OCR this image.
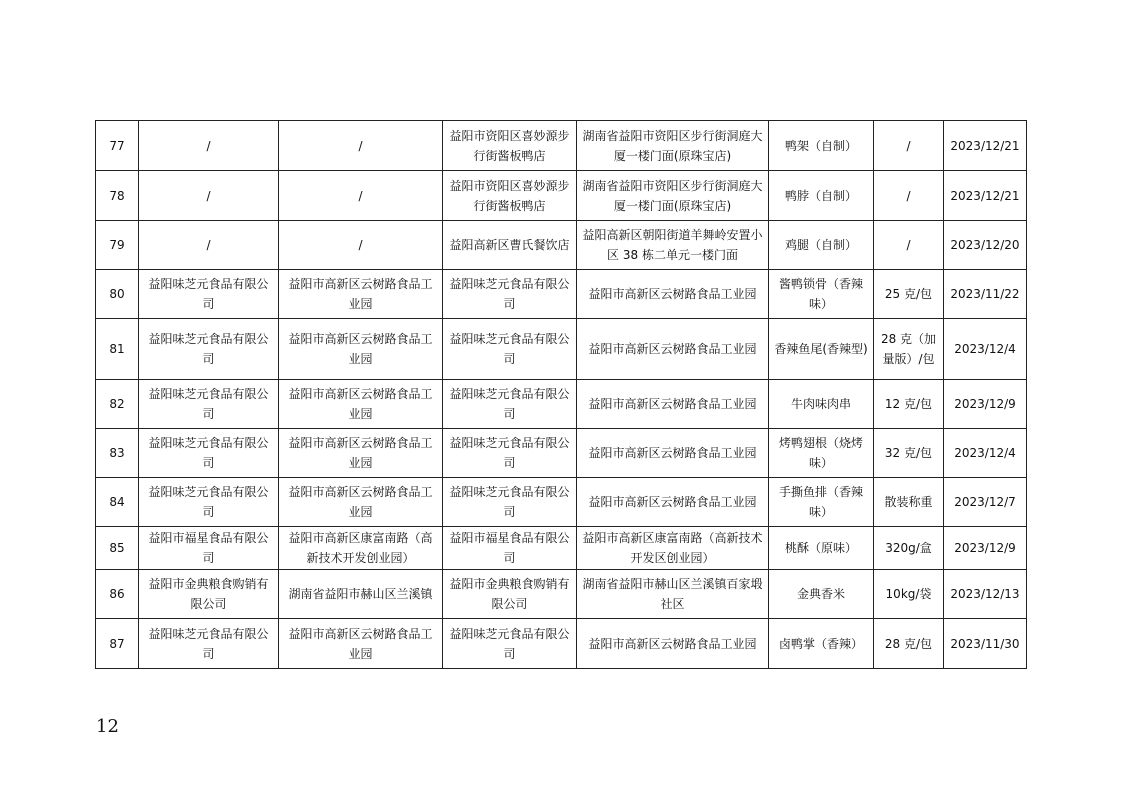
77	/	/	益阳市资阳区喜妙源步行街酱板鸭店	湖南省益阳市资阳区步行街洞庭大厦一楼门面(原珠宝店)	鸭架（自制）	/	2023/12/21
78	/	/	益阳市资阳区喜妙源步行街酱板鸭店	湖南省益阳市资阳区步行街洞庭大厦一楼门面(原珠宝店)	鸭脖（自制）	/	2023/12/21
79	/	/	益阳高新区曹氏餐饮店	益阳高新区朝阳街道羊舞岭安置小区 38 栋二单元一楼门面	鸡腿（自制）	/	2023/12/20
80	益阳味芝元食品有限公司	益阳市高新区云树路食品工业园	益阳味芝元食品有限公司	益阳市高新区云树路食品工业园	酱鸭锁骨（香辣味）	25 克/包	2023/11/22
81	益阳味芝元食品有限公司	益阳市高新区云树路食品工业园	益阳味芝元食品有限公司	益阳市高新区云树路食品工业园	香辣鱼尾(香辣型)	28 克（加量版）/包	2023/12/4
82	益阳味芝元食品有限公司	益阳市高新区云树路食品工业园	益阳味芝元食品有限公司	益阳市高新区云树路食品工业园	牛肉味肉串	12 克/包	2023/12/9
83	益阳味芝元食品有限公司	益阳市高新区云树路食品工业园	益阳味芝元食品有限公司	益阳市高新区云树路食品工业园	烤鸭翅根（烧烤味）	32 克/包	2023/12/4
84	益阳味芝元食品有限公司	益阳市高新区云树路食品工业园	益阳味芝元食品有限公司	益阳市高新区云树路食品工业园	手撕鱼排（香辣味）	散装称重	2023/12/7
85	益阳市福星食品有限公司	益阳市高新区康富南路（高新技术开发创业园）	益阳市福星食品有限公司	益阳市高新区康富南路（高新技术开发区创业园）	桃酥（原味）	320g/盒	2023/12/9
86	益阳市金典粮食购销有限公司	湖南省益阳市赫山区兰溪镇	益阳市金典粮食购销有限公司	湖南省益阳市赫山区兰溪镇百家塅社区	金典香米	10kg/袋	2023/12/13
87	益阳味芝元食品有限公司	益阳市高新区云树路食品工业园	益阳味芝元食品有限公司	益阳市高新区云树路食品工业园	卤鸭掌（香辣）	28 克/包	2023/11/30
12
